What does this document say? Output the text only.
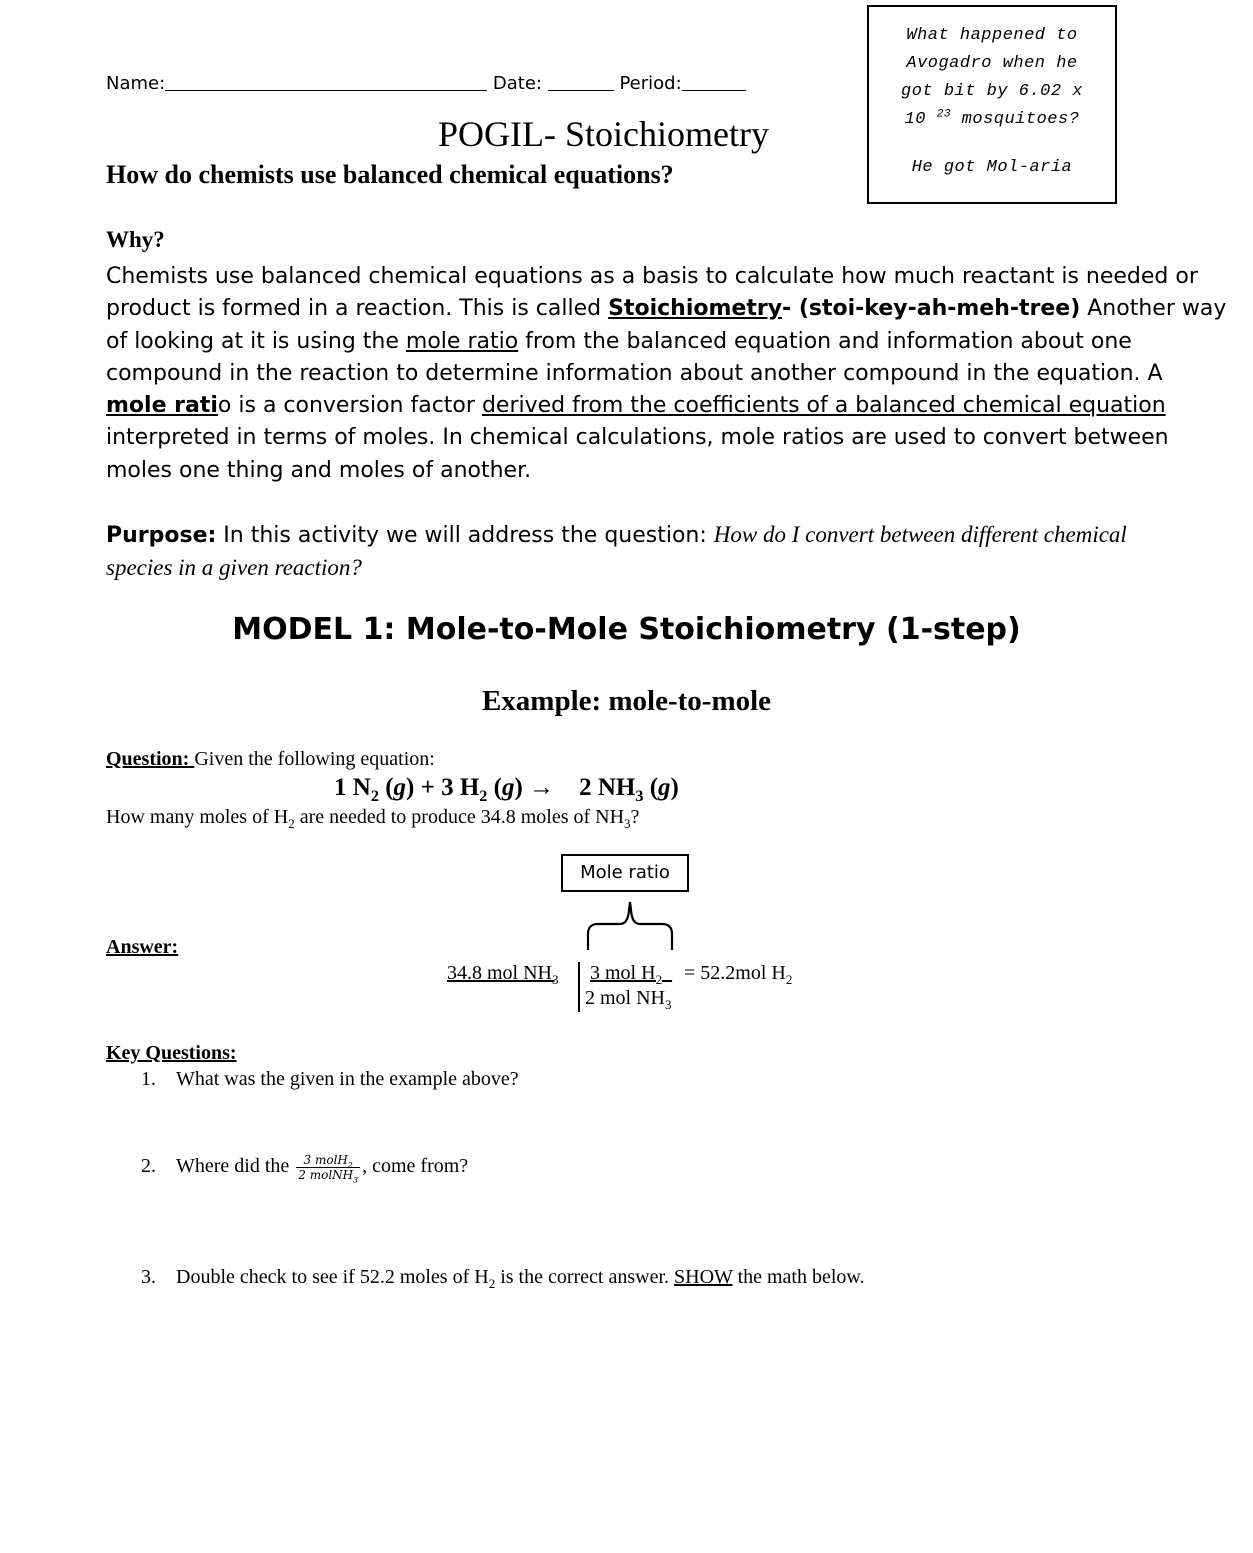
Name:	Date:	Period:

What happened to

Avogadro when he

got bit by 6.02 x

10 $^{23}$ mosquitoes?

He got Mol-aria

POGIL- Stoichiometry
How do chemists use balanced chemical equations?
Why?
Chemists use balanced chemical equations as a basis to calculate how much reactant is needed or
product is formed in a reaction. This is called Stoichiometry- (stoi-key-ah-meh-tree) Another way
of looking at it is using the mole ratio from the balanced equation and information about one
compound in the reaction to determine information about another compound in the equation. A
mole ratio is a conversion factor derived from the coefficients of a balanced chemical equation
interpreted in terms of moles. In chemical calculations, mole ratios are used to convert between
moles one thing and moles of another.
Purpose: In this activity we will address the question: How do I convert between different chemical species in a given reaction?
MODEL 1: Mole-to-Mole Stoichiometry (1-step)
Example: mole-to-mole
Question: Given the following equation:
1 $N_2$ (g) + 3 $H_2$ (g) →    2 $NH_3$ (g)
How many moles of $H_2$ are needed to produce 34.8 moles of $NH_3$?
Mole ratio
Answer:
34.8 mol $NH_3$ 3 mol $H_2$	= 52.2mol $H_2$
2 mol $NH_3$
Key Questions:
1. What was the given in the example above?
2. Where did the $\frac{3 molH_2}{2 molNH_3}$ , come from?
3. Double check to see if 52.2 moles of $H_2$ is the correct answer. SHOW the math below.
